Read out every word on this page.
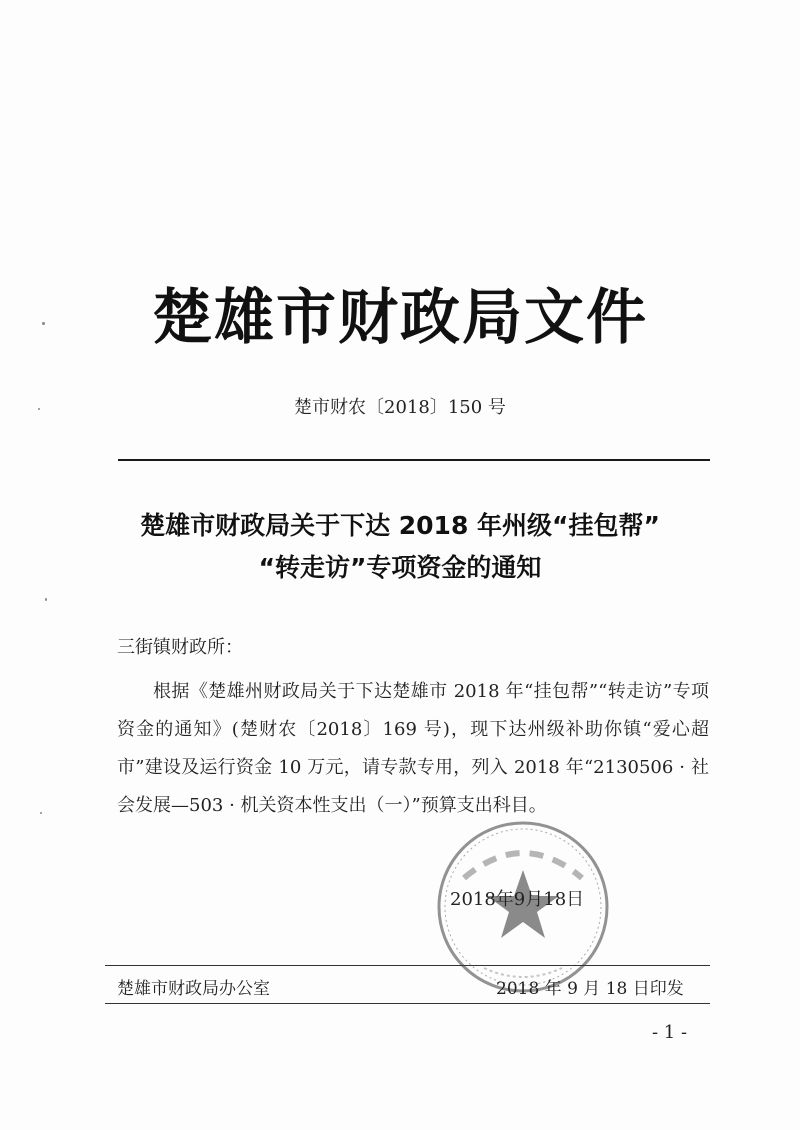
楚雄市财政局文件
楚市财农〔2018〕150 号
楚雄市财政局关于下达 2018 年州级“挂包帮”
“转走访”专项资金的通知
三街镇财政所：
根据《楚雄州财政局关于下达楚雄市 2018 年“挂包帮”“转走访”专项资金的通知》(楚财农〔2018〕169 号)，现下达州级补助你镇“爱心超市”建设及运行资金 10 万元，请专款专用，列入 2018 年“2130506 · 社会发展—503 · 机关资本性支出（一）”预算支出科目。
2018年9月18日
楚雄市财政局办公室	2018 年 9 月 18 日印发
- 1 -
